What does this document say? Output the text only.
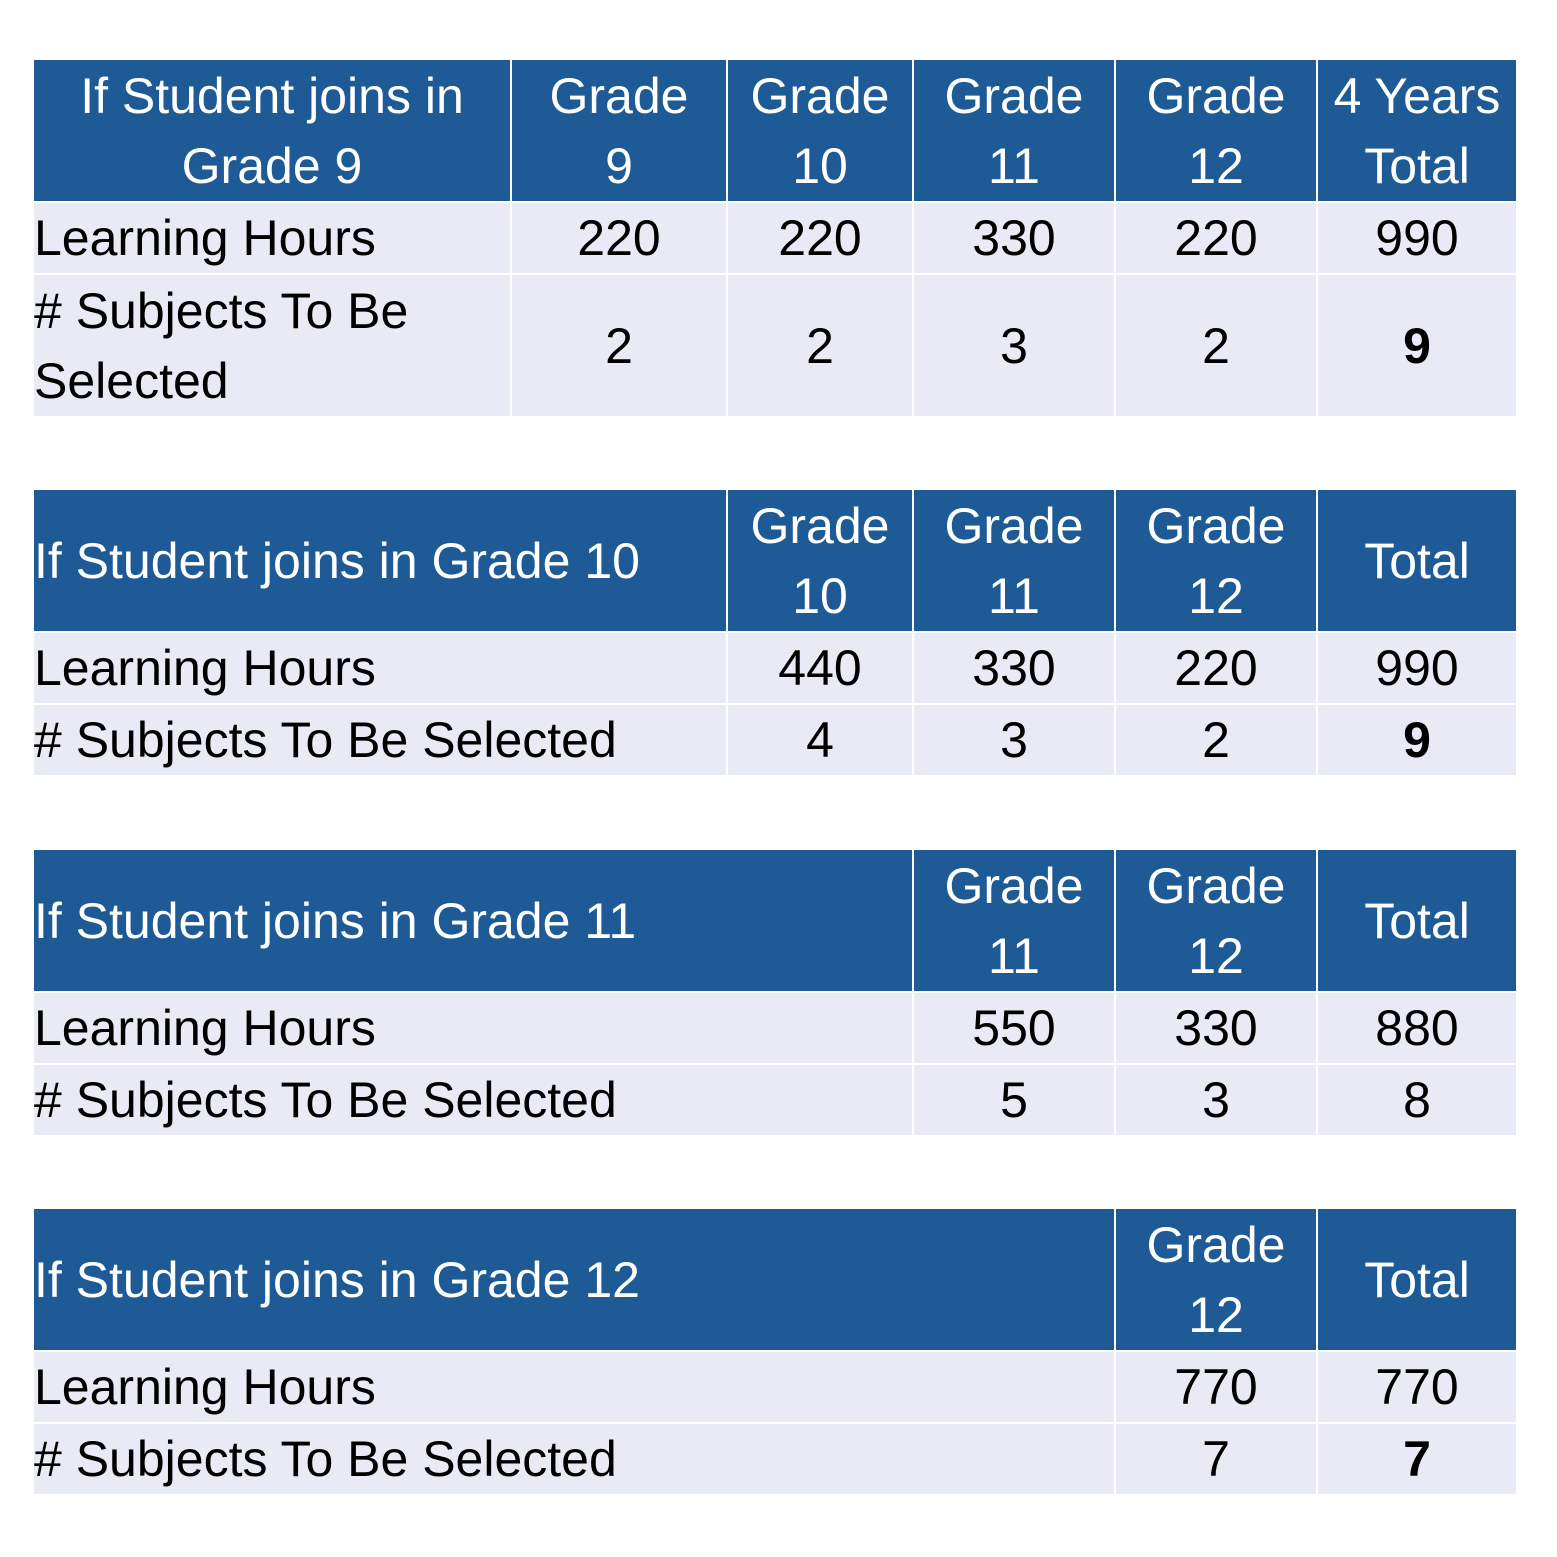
If Student joins in Grade 9	Grade 9	Grade 10	Grade 11	Grade 12	4 Years Total
Learning Hours	220	220	330	220	990
# Subjects To Be Selected	2	2	3	2	9
If Student joins in Grade 10	Grade 10	Grade 11	Grade 12	Total
Learning Hours	440	330	220	990
# Subjects To Be Selected	4	3	2	9
If Student joins in Grade 11	Grade 11	Grade 12	Total
Learning Hours	550	330	880
# Subjects To Be Selected	5	3	8
If Student joins in Grade 12	Grade 12	Total
Learning Hours	770	770
# Subjects To Be Selected	7	7
